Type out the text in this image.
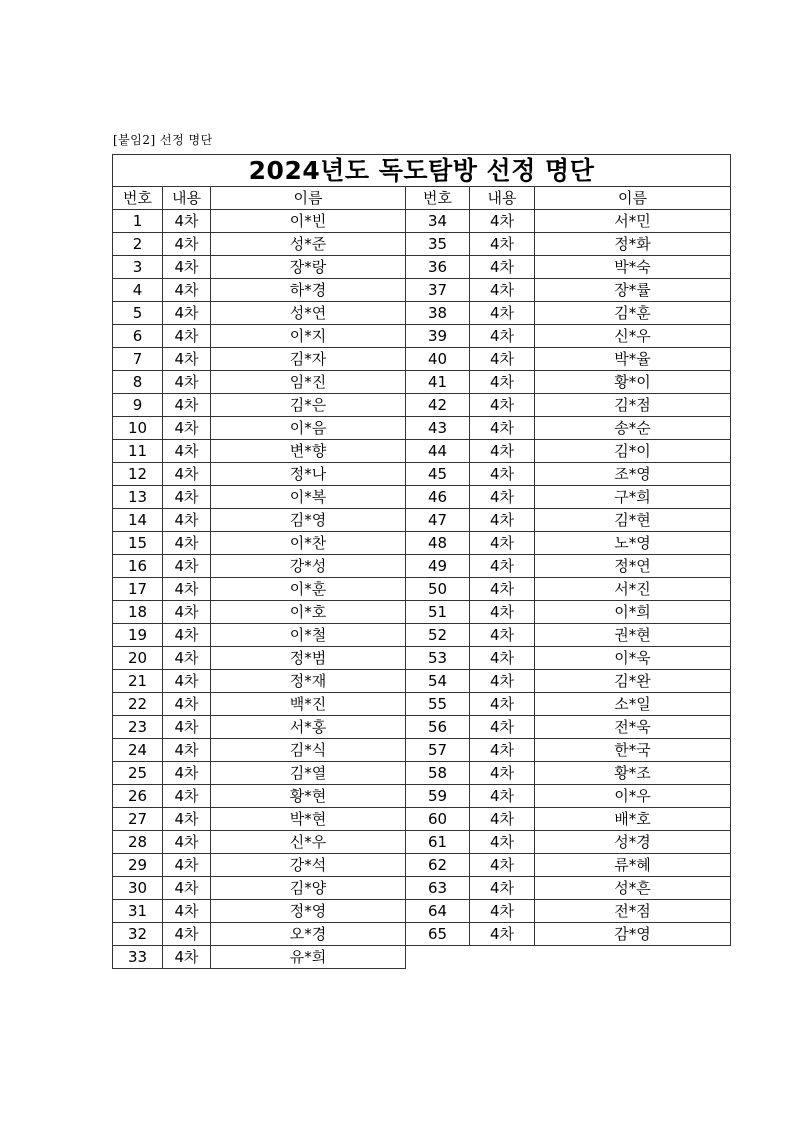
[붙임2] 선정 명단
2024년도 독도탐방 선정 명단					
번호	내용	이름	번호	내용	이름
1	4차	이*빈	34	4차	서*민
2	4차	성*준	35	4차	정*화
3	4차	장*랑	36	4차	박*숙
4	4차	하*경	37	4차	장*률
5	4차	성*연	38	4차	김*훈
6	4차	이*지	39	4차	신*우
7	4차	김*자	40	4차	박*율
8	4차	임*진	41	4차	황*이
9	4차	김*은	42	4차	김*점
10	4차	이*음	43	4차	송*순
11	4차	변*향	44	4차	김*이
12	4차	정*나	45	4차	조*영
13	4차	이*복	46	4차	구*희
14	4차	김*영	47	4차	김*현
15	4차	이*찬	48	4차	노*영
16	4차	강*성	49	4차	정*연
17	4차	이*훈	50	4차	서*진
18	4차	이*호	51	4차	이*희
19	4차	이*철	52	4차	권*현
20	4차	정*범	53	4차	이*욱
21	4차	정*재	54	4차	김*완
22	4차	백*진	55	4차	소*일
23	4차	서*홍	56	4차	전*욱
24	4차	김*식	57	4차	한*국
25	4차	김*열	58	4차	황*조
26	4차	황*현	59	4차	이*우
27	4차	박*현	60	4차	배*호
28	4차	신*우	61	4차	성*경
29	4차	강*석	62	4차	류*혜
30	4차	김*양	63	4차	성*흔
31	4차	정*영	64	4차	전*점
32	4차	오*경	65	4차	감*영
33	4차	유*희			
